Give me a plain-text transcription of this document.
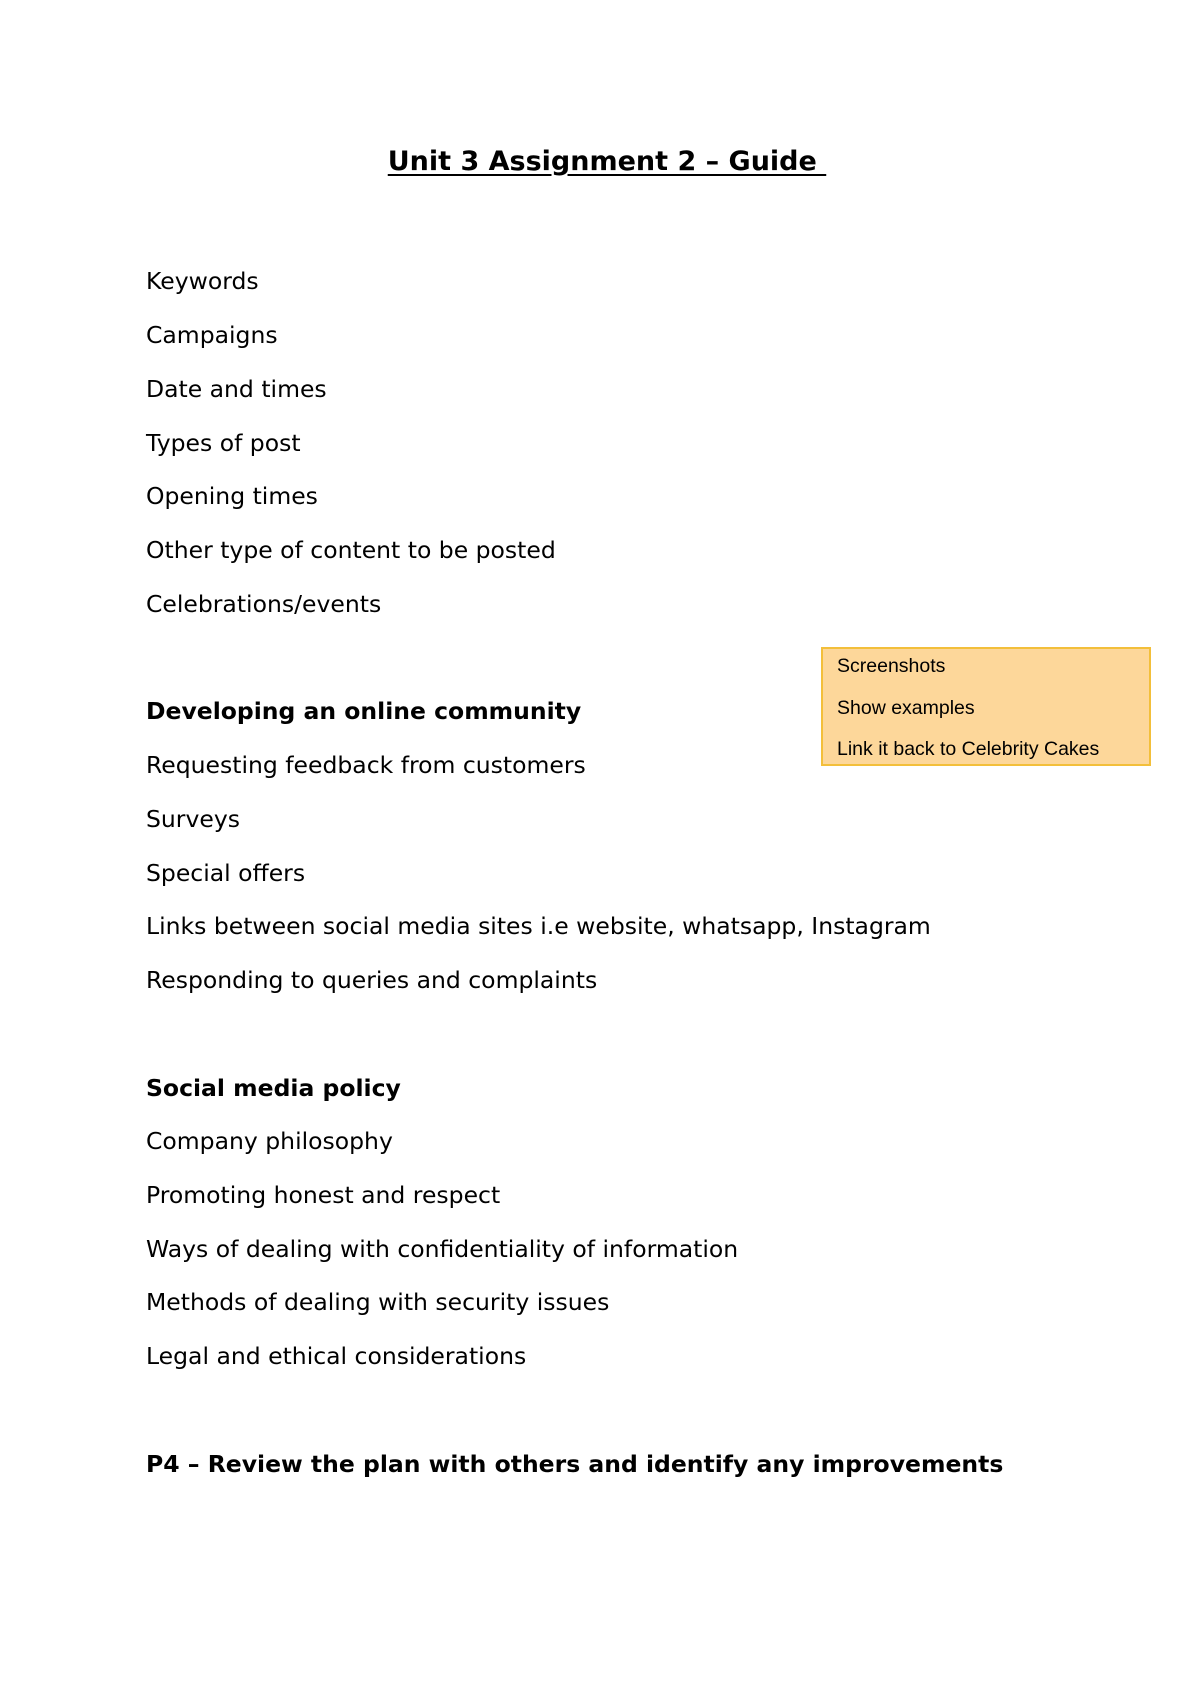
Unit 3 Assignment 2 – Guide
Keywords
Campaigns
Date and times
Types of post
Opening times
Other type of content to be posted
Celebrations/events
Developing an online community
Requesting feedback from customers
Surveys
Special offers
Links between social media sites i.e website, whatsapp, Instagram
Responding to queries and complaints
Social media policy
Company philosophy
Promoting honest and respect
Ways of dealing with confidentiality of information
Methods of dealing with security issues
Legal and ethical considerations
P4 – Review the plan with others and identify any improvements
Screenshots
Show examples
Link it back to Celebrity Cakes
